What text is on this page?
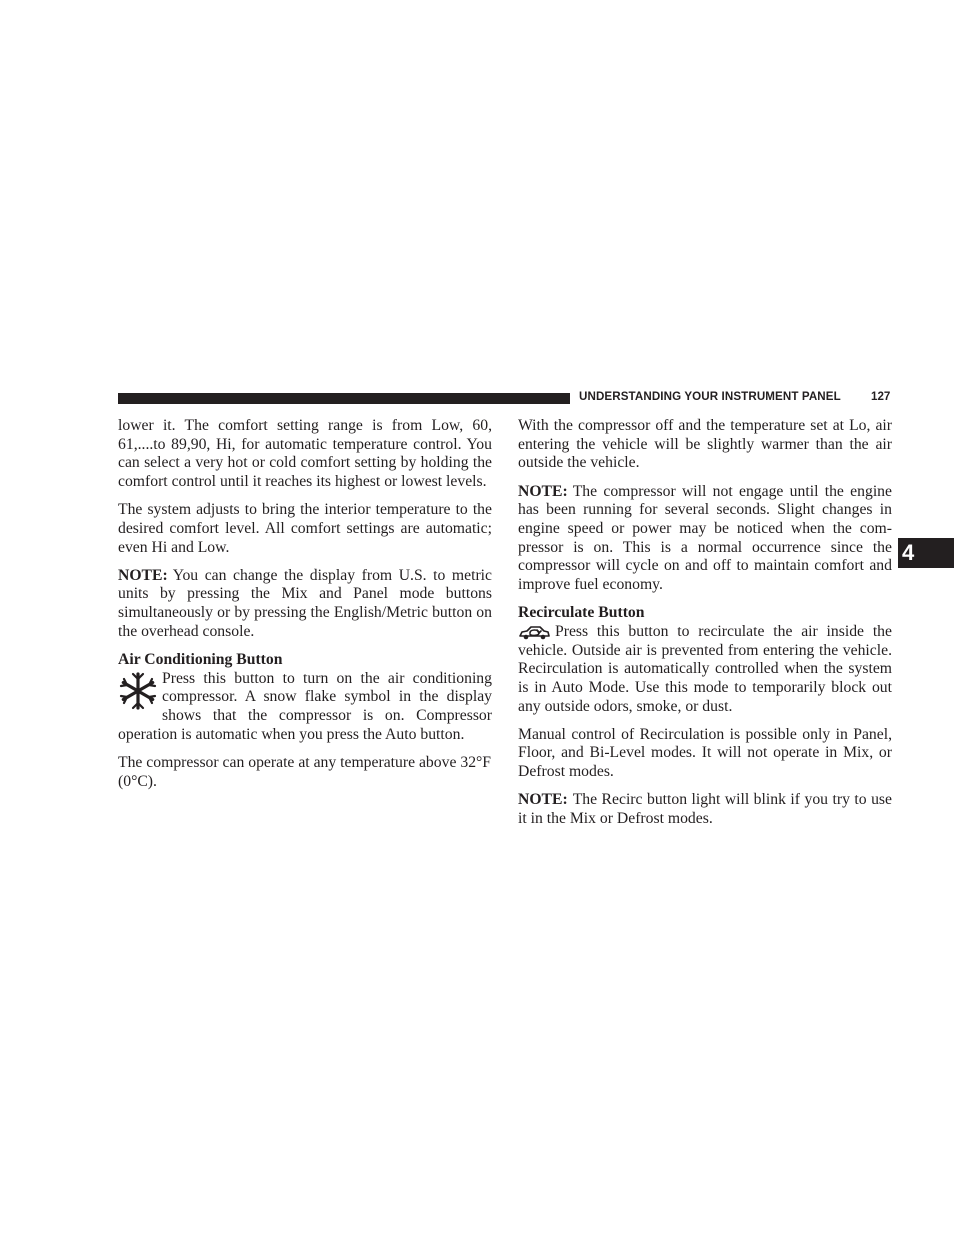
UNDERSTANDING YOUR INSTRUMENT PANEL	127
4

lower it. The comfort setting range is from Low, 60, 61,....to 89,90, Hi, for automatic temperature control. You can select a very hot or cold comfort setting by holding the comfort control until it reaches its highest or lowest levels.

The system adjusts to bring the interior temperature to the desired comfort level. All comfort settings are automatic; even Hi and Low.

NOTE: You can change the display from U.S. to metric units by pressing the Mix and Panel mode buttons simultaneously or by pressing the English/Metric button on the overhead console.

Air Conditioning Button

Press this button to turn on the air conditioning compressor. A snow flake symbol in the display shows that the compressor is on. Compressor operation is automatic when you press the Auto button.

The compressor can operate at any temperature above 32°F (0°C).

With the compressor off and the temperature set at Lo, air entering the vehicle will be slightly warmer than the air outside the vehicle.

NOTE: The compressor will not engage until the engine has been running for several seconds. Slight changes in engine speed or power may be noticed when the compressor is on. This is a normal occurrence since the compressor will cycle on and off to maintain comfort and improve fuel economy.

Recirculate Button

Press this button to recirculate the air inside the vehicle. Outside air is prevented from entering the vehicle. Recirculation is automatically controlled when the system is in Auto Mode. Use this mode to temporarily block out any outside odors, smoke, or dust.

Manual control of Recirculation is possible only in Panel, Floor, and Bi-Level modes. It will not operate in Mix, or Defrost modes.

NOTE: The Recirc button light will blink if you try to use it in the Mix or Defrost modes.
